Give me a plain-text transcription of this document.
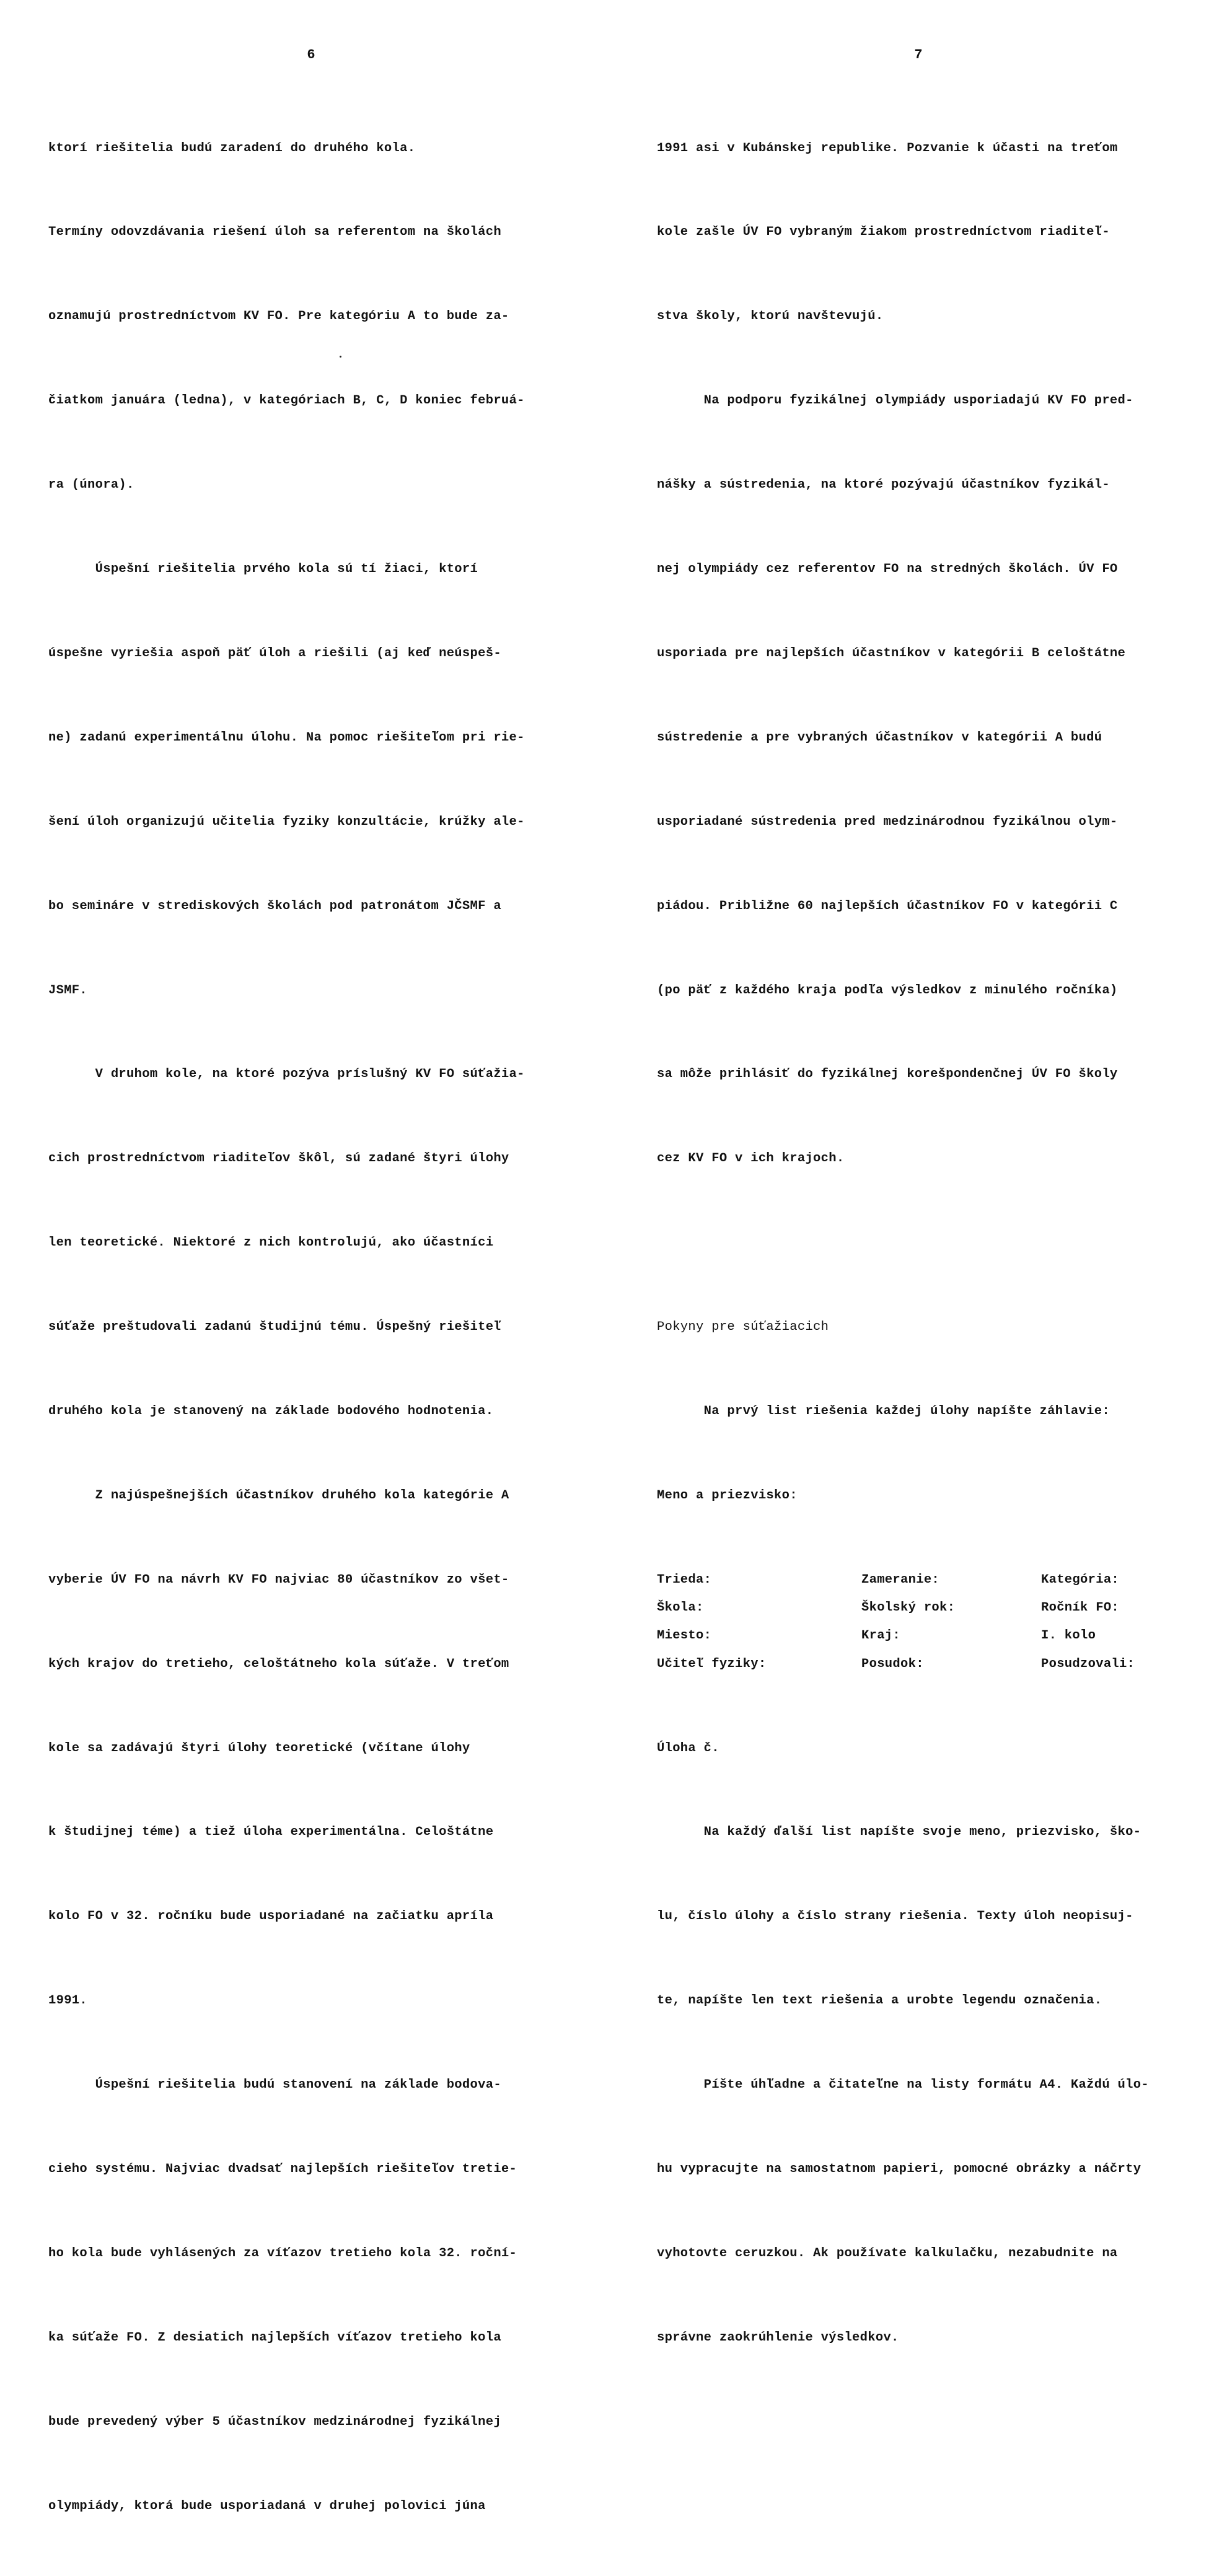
6

ktorí riešitelia budú zaradení do druhého kola.

Termíny odovzdávania riešení úloh sa referentom na školách

oznamujú prostredníctvom KV FO. Pre kategóriu A to bude za-

čiatkom januára (ledna), v kategóriach B, C, D koniec februá-

ra (února).

Úspešní riešitelia prvého kola sú tí žiaci, ktorí

úspešne vyriešia aspoň päť úloh a riešili (aj keď neúspeš-

ne) zadanú experimentálnu úlohu. Na pomoc riešiteľom pri rie-

šení úloh organizujú učitelia fyziky konzultácie, krúžky ale-

bo semináre v strediskových školách pod patronátom JČSMF a

JSMF.

V druhom kole, na ktoré pozýva príslušný KV FO súťažia-

cich prostredníctvom riaditeľov škôl, sú zadané štyri úlohy

len teoretické. Niektoré z nich kontrolujú, ako účastníci

súťaže preštudovali zadanú študijnú tému. Úspešný riešiteľ

druhého kola je stanovený na základe bodového hodnotenia.

Z najúspešnejších účastníkov druhého kola kategórie A

vyberie ÚV FO na návrh KV FO najviac 80 účastníkov zo všet-

kých krajov do tretieho, celoštátneho kola súťaže. V treťom

kole sa zadávajú štyri úlohy teoretické (včítane úlohy

k študijnej téme) a tiež úloha experimentálna. Celoštátne

kolo FO v 32. ročníku bude usporiadané na začiatku apríla

1991.

Úspešní riešitelia budú stanovení na základe bodova-

cieho systému. Najviac dvadsať najlepších riešiteľov tretie-

ho kola bude vyhlásených za víťazov tretieho kola 32. roční-

ka súťaže FO. Z desiatich najlepších víťazov tretieho kola

bude prevedený výber 5 účastníkov medzinárodnej fyzikálnej

olympiády, ktorá bude usporiadaná v druhej polovici júna

7

1991 asi v Kubánskej republike. Pozvanie k účasti na treťom

kole zašle ÚV FO vybraným žiakom prostredníctvom riaditeľ-

stva školy, ktorú navštevujú.

Na podporu fyzikálnej olympiády usporiadajú KV FO pred-

nášky a sústredenia, na ktoré pozývajú účastníkov fyzikál-

nej olympiády cez referentov FO na stredných školách. ÚV FO

usporiada pre najlepších účastníkov v kategórii B celoštátne

sústredenie a pre vybraných účastníkov v kategórii A budú

usporiadané sústredenia pred medzinárodnou fyzikálnou olym-

piádou. Približne 60 najlepších účastníkov FO v kategórii C

(po päť z každého kraja podľa výsledkov z minulého ročníka)

sa môže prihlásiť do fyzikálnej korešpondenčnej ÚV FO školy

cez KV FO v ich krajoch.

Pokyny pre súťažiacich

Na prvý list riešenia každej úlohy napíšte záhlavie:

Meno a priezvisko:

Trieda:	Zameranie:	Kategória:
Škola:	Školský rok:	Ročník FO:
Miesto:	Kraj:	I. kolo
Učiteľ fyziky:	Posudok:	Posudzovali:

Úloha č.

Na každý ďalší list napíšte svoje meno, priezvisko, ško-

lu, číslo úlohy a číslo strany riešenia. Texty úloh neopisuj-

te, napíšte len text riešenia a urobte legendu označenia.

Píšte úhľadne a čitateľne na listy formátu A4. Každú úlo-

hu vypracujte na samostatnom papieri, pomocné obrázky a náčrty

vyhotovte ceruzkou. Ak používate kalkulačku, nezabudnite na

správne zaokrúhlenie výsledkov.
